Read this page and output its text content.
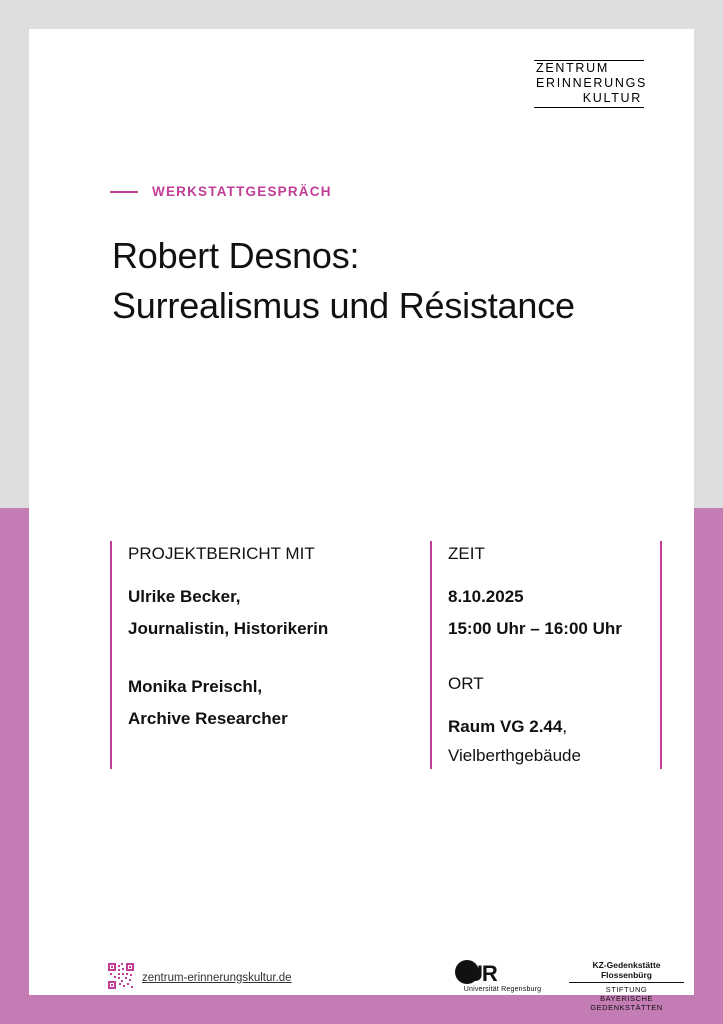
ZENTRUM
ERINNERUNGS
KULTUR
WERKSTATTGESPRÄCH
Robert Desnos:
Surrealismus und Résistance
PROJEKTBERICHT MIT
Ulrike Becker,
Journalistin, Historikerin
Monika Preischl,
Archive Researcher
ZEIT
8.10.2025
15:00 Uhr – 16:00 Uhr
ORT
Raum VG 2.44,
Vielberthgebäude
zentrum-erinnerungskultur.de	UR
Universität Regensburg
KZ-Gedenkstätte
Flossenbürg
STIFTUNG
BAYERISCHE GEDENKSTÄTTEN
